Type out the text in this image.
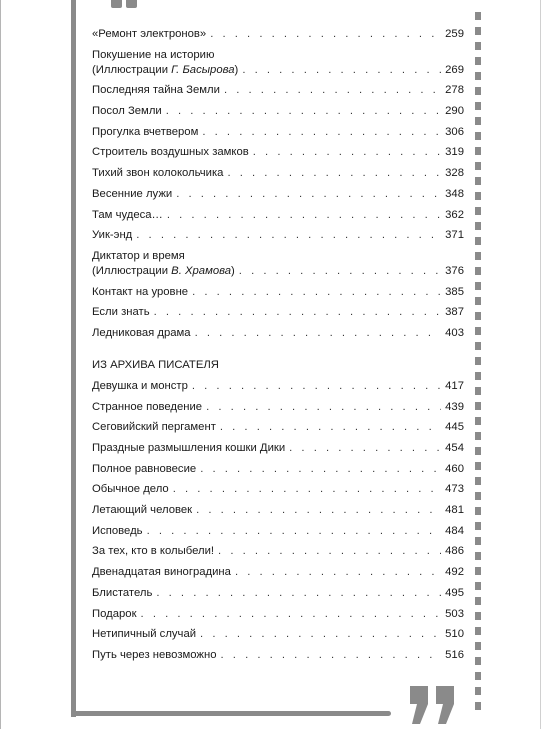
«Ремонт электронов» . . .	259
Покушение на историю
(Иллюстрации Г. Басырова) . . .	269
Последняя тайна Земли . . .	278
Посол Земли . . .	290
Прогулка вчетвером . . .	306
Строитель воздушных замков . . .	319
Тихий звон колокольчика . . .	328
Весенние лужи . . .	348
Там чудеса… . . .	362
Уик-энд . . .	371
Диктатор и время
(Иллюстрации В. Храмова) . . .	376
Контакт на уровне . . .	385
Если знать . . .	387
Ледниковая драма . . .	403
ИЗ АРХИВА ПИСАТЕЛЯ
Девушка и монстр . . .	417
Странное поведение . . .	439
Сеговийский пергамент . . .	445
Праздные размышления кошки Дики . . .	454
Полное равновесие . . .	460
Обычное дело . . .	473
Летающий человек . . .	481
Исповедь . . .	484
За тех, кто в колыбели! . . .	486
Двенадцатая виноградина . . .	492
Блистатель . . .	495
Подарок . . .	503
Нетипичный случай . . .	510
Путь через невозможно . . .	516
